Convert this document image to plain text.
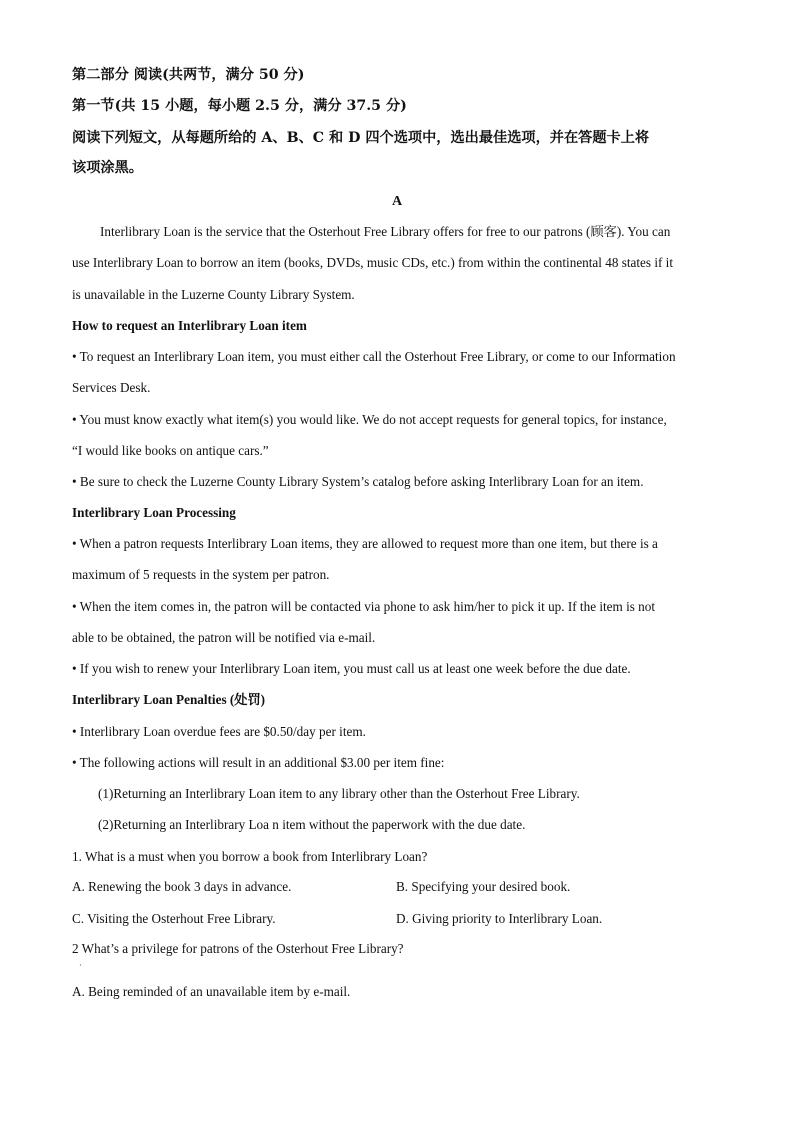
第二部分 阅读(共两节，满分 50 分)
第一节(共 15 小题，每小题 2.5 分，满分 37.5 分)
阅读下列短文，从每题所给的 A、B、C 和 D 四个选项中，选出最佳选项，并在答题卡上将
该项涂黑。
A
Interlibrary Loan is the service that the Osterhout Free Library offers for free to our patrons (顾客). You can
use Interlibrary Loan to borrow an item (books, DVDs, music CDs, etc.) from within the continental 48 states if it
is unavailable in the Luzerne County Library System.
How to request an Interlibrary Loan item
• To request an Interlibrary Loan item, you must either call the Osterhout Free Library, or come to our Information
Services Desk.
• You must know exactly what item(s) you would like. We do not accept requests for general topics, for instance,
“I would like books on antique cars.”
• Be sure to check the Luzerne County Library System’s catalog before asking Interlibrary Loan for an item.
Interlibrary Loan Processing
• When a patron requests Interlibrary Loan items, they are allowed to request more than one item, but there is a
maximum of 5 requests in the system per patron.
• When the item comes in, the patron will be contacted via phone to ask him/her to pick it up. If the item is not
able to be obtained, the patron will be notified via e-mail.
• If you wish to renew your Interlibrary Loan item, you must call us at least one week before the due date.
Interlibrary Loan Penalties (处罚)
• Interlibrary Loan overdue fees are $0.50/day per item.
• The following actions will result in an additional $3.00 per item fine:
(1)Returning an Interlibrary Loan item to any library other than the Osterhout Free Library.
(2)Returning an Interlibrary Loa n item without the paperwork with the due date.
1. What is a must when you borrow a book from Interlibrary Loan?
A. Renewing the book 3 days in advance.	B. Specifying your desired book.
C. Visiting the Osterhout Free Library.	D. Giving priority to Interlibrary Loan.
2 What’s a privilege for patrons of the Osterhout Free Library?
·
A. Being reminded of an unavailable item by e-mail.
